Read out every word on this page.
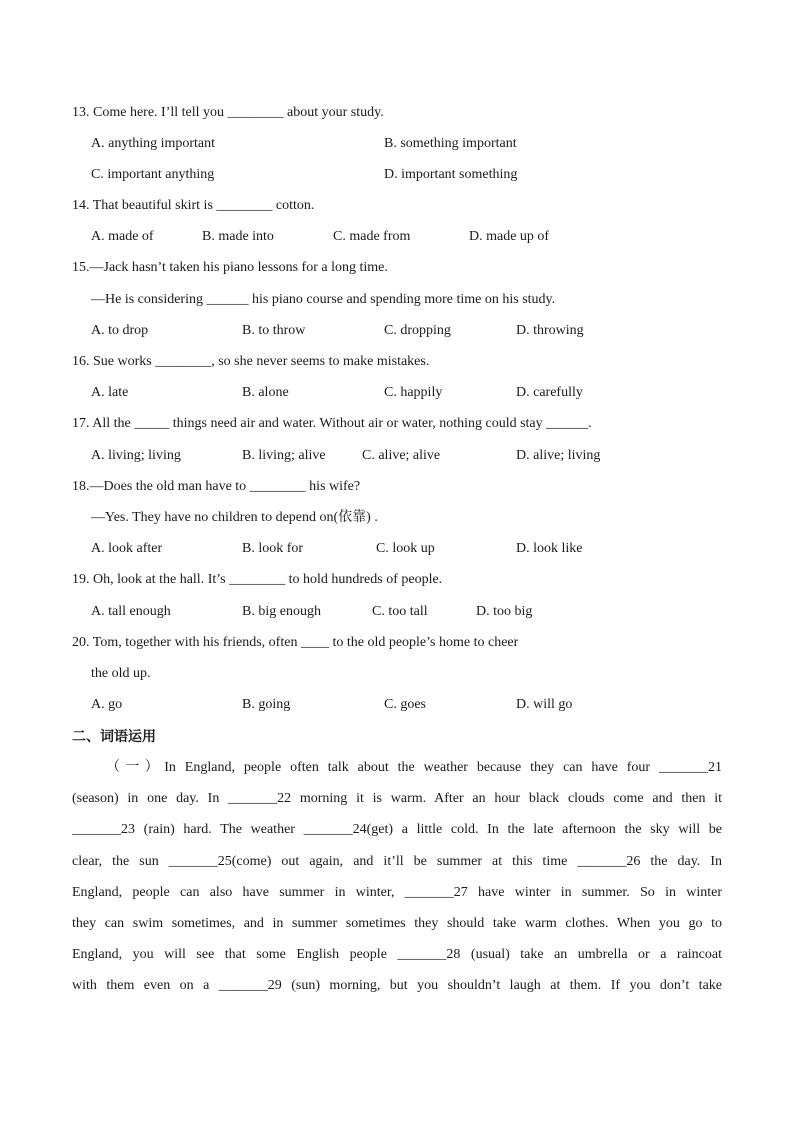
13. Come here. I’ll tell you ________ about your study.
A. anything important	B. something important
C. important anything	D. important something
14. That beautiful skirt is ________ cotton.
A. made of	B. made into	C. made from	D. made up of
15.—Jack hasn’t taken his piano lessons for a long time.
—He is considering ______ his piano course and spending more time on his study.
A. to drop	B. to throw	C. dropping	D. throwing
16. Sue works ________, so she never seems to make mistakes.
A. late	B. alone	C. happily	D. carefully
17. All the _____ things need air and water. Without air or water, nothing could stay ______.
A. living; living	B. living; alive	C. alive; alive	D. alive; living
18.—Does the old man have to ________ his wife?
—Yes. They have no children to depend on(依靠) .
A. look after	B. look for	C. look up	D. look like
19. Oh, look at the hall. It’s ________ to hold hundreds of people.
A. tall enough	B. big enough	C. too tall	D. too big
20. Tom, together with his friends, often ____ to the old people’s home to cheer
the old up.
A. go	B. going	C. goes	D. will go
二、词语运用
（一）In England, people often talk about the weather because they can have four _______21
(season) in one day. In _______22 morning it is warm. After an hour black clouds come and then it
_______23 (rain) hard. The weather _______24(get) a little cold. In the late afternoon the sky will be
clear, the sun _______25(come) out again, and it’ll be summer at this time _______26 the day. In
England, people can also have summer in winter, _______27 have winter in summer. So in winter
they can swim sometimes, and in summer sometimes they should take warm clothes. When you go to
England, you will see that some English people _______28 (usual) take an umbrella or a raincoat
with them even on a _______29 (sun) morning, but you shouldn’t laugh at them. If you don’t take
